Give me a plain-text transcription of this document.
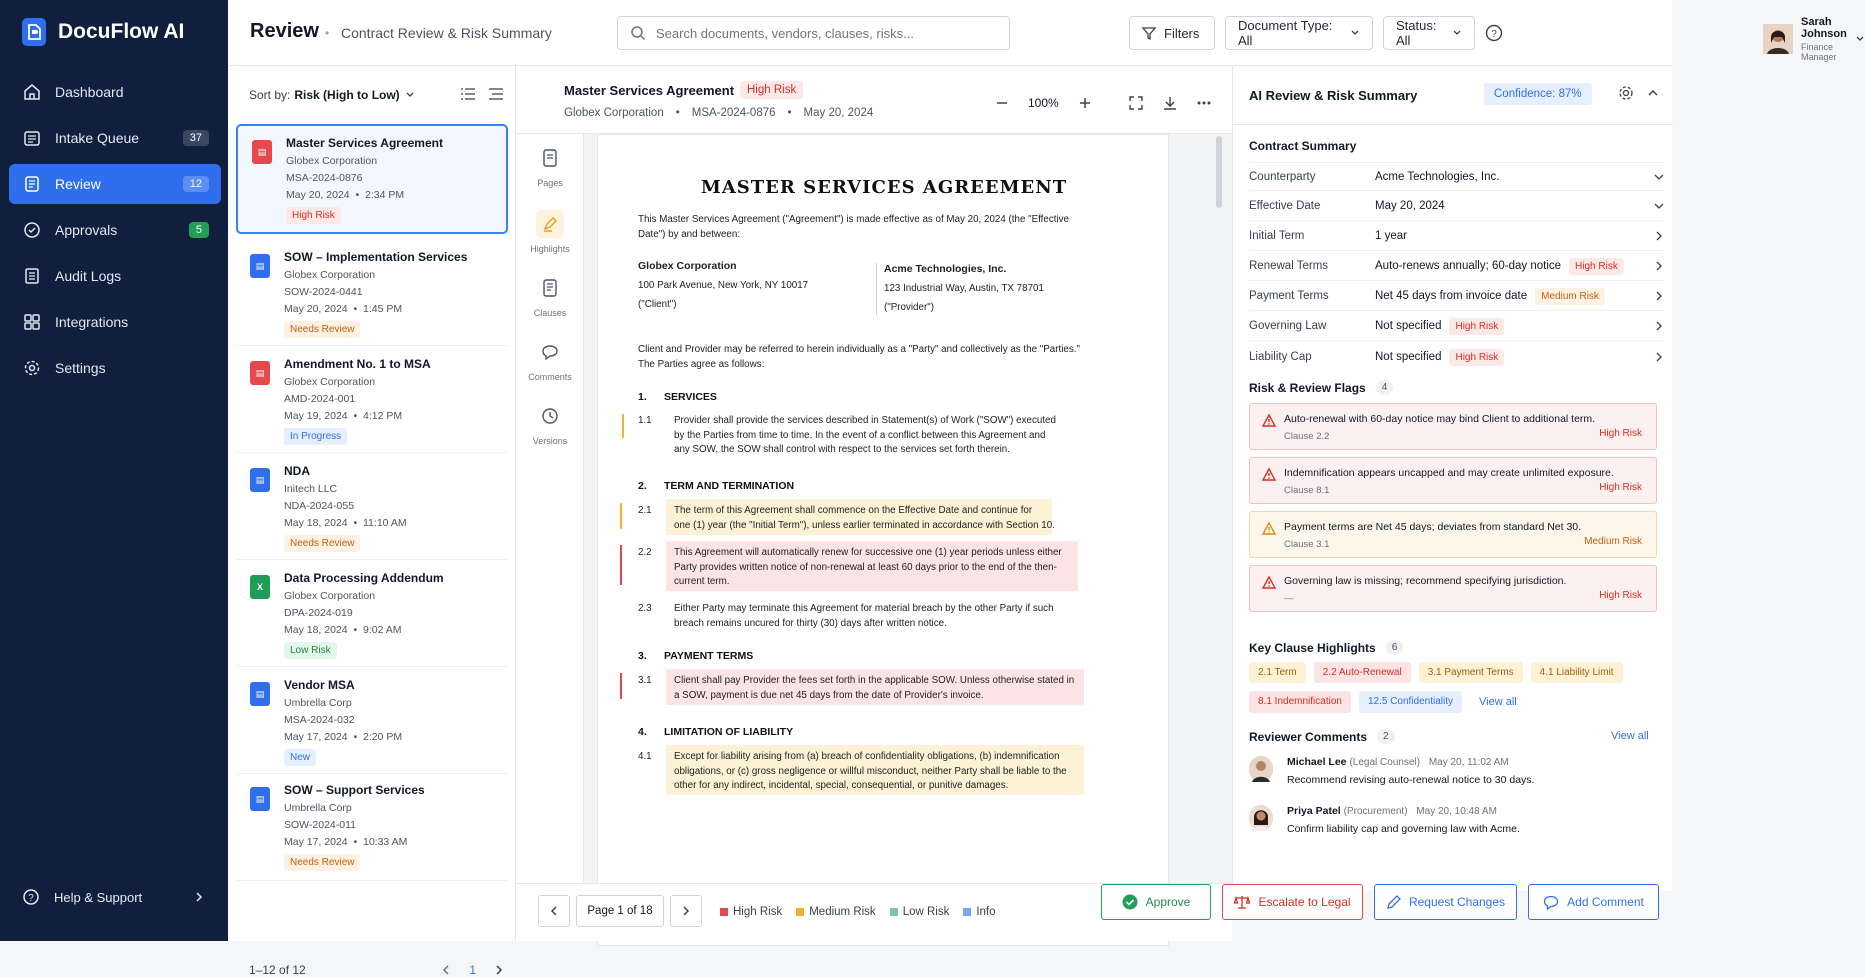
DocuFlow AI
Dashboard
Intake Queue	37
Review	12
Approvals	5
Audit Logs
Integrations
Settings
? Help & Support
Review • Contract Review & Risk Summary
Search documents, vendors, clauses, risks...	Filters	Document Type: All
Status: All	?
Sarah Johnson
Finance Manager
Sort by: Risk (High to Low)
▤
Master Services Agreement
Globex Corporation
MSA-2024-0876
May 20, 2024  •  2:34 PM
High Risk
▤
SOW – Implementation Services
Globex Corporation
SOW-2024-0441
May 20, 2024  •  1:45 PM
Needs Review
▤
Amendment No. 1 to MSA
Globex Corporation
AMD-2024-001
May 19, 2024  •  4:12 PM
In Progress
▤
NDA
Initech LLC
NDA-2024-055
May 18, 2024  •  11:10 AM
Needs Review
X
Data Processing Addendum
Globex Corporation
DPA-2024-019
May 18, 2024  •  9:02 AM
Low Risk
▤
Vendor MSA
Umbrella Corp
MSA-2024-032
May 17, 2024  •  2:20 PM
New
▤
SOW – Support Services
Umbrella Corp
SOW-2024-011
May 17, 2024  •  10:33 AM
Needs Review
1–12 of 12	1
Master Services Agreement	High Risk
Globex Corporation • MSA-2024-0876 • May 20, 2024
100%
Pages
Highlights
Clauses
Comments
Versions
MASTER SERVICES AGREEMENT
This Master Services Agreement ("Agreement") is made effective as of May 20, 2024 (the "Effective
Date") by and between:
Globex Corporation
100 Park Avenue, New York, NY 10017
("Client")
Acme Technologies, Inc.
123 Industrial Way, Austin, TX 78701
("Provider")
Client and Provider may be referred to herein individually as a "Party" and collectively as the "Parties."
The Parties agree as follows:
1. SERVICES
1.1 Provider shall provide the services described in Statement(s) of Work ("SOW") executed
by the Parties from time to time. In the event of a conflict between this Agreement and
any SOW, the SOW shall control with respect to the services set forth therein.
2. TERM AND TERMINATION
2.1 The term of this Agreement shall commence on the Effective Date and continue for
one (1) year (the "Initial Term"), unless earlier terminated in accordance with Section 10.
2.2 This Agreement will automatically renew for successive one (1) year periods unless either
Party provides written notice of non-renewal at least 60 days prior to the end of the then-
current term.
2.3 Either Party may terminate this Agreement for material breach by the other Party if such
breach remains uncured for thirty (30) days after written notice.
3. PAYMENT TERMS
3.1 Client shall pay Provider the fees set forth in the applicable SOW. Unless otherwise stated in
a SOW, payment is due net 45 days from the date of Provider's invoice.
4. LIMITATION OF LIABILITY
4.1 Except for liability arising from (a) breach of confidentiality obligations, (b) indemnification
obligations, or (c) gross negligence or willful misconduct, neither Party shall be liable to the
other for any indirect, incidental, special, consequential, or punitive damages.
Page 1 of 18	High Risk	Medium Risk	Low Risk	Info
AI Review & Risk Summary	Confidence: 87%
Contract Summary
Counterparty	Acme Technologies, Inc.
Effective Date	May 20, 2024
Initial Term	1 year
Renewal Terms	Auto-renews annually; 60-day notice	High Risk
Payment Terms	Net 45 days from invoice date	Medium Risk
Governing Law	Not specified	High Risk
Liability Cap	Not specified	High Risk
Risk & Review Flags	4
Auto-renewal with 60-day notice may bind Client to additional term.
Clause 2.2	High Risk
Indemnification appears uncapped and may create unlimited exposure.
Clause 8.1	High Risk
Payment terms are Net 45 days; deviates from standard Net 30.
Clause 3.1	Medium Risk
Governing law is missing; recommend specifying jurisdiction.
—	High Risk
Key Clause Highlights	6
2.1 Term	2.2 Auto-Renewal	3.1 Payment Terms	4.1 Liability Limit
8.1 Indemnification	12.5 Confidentiality	View all
Reviewer Comments	2	View all
Michael Lee (Legal Counsel) May 20, 11:02 AM
Recommend revising auto-renewal notice to 30 days.
Priya Patel (Procurement) May 20, 10:48 AM
Confirm liability cap and governing law with Acme.
Approve	Escalate to Legal	Request Changes	Add Comment
